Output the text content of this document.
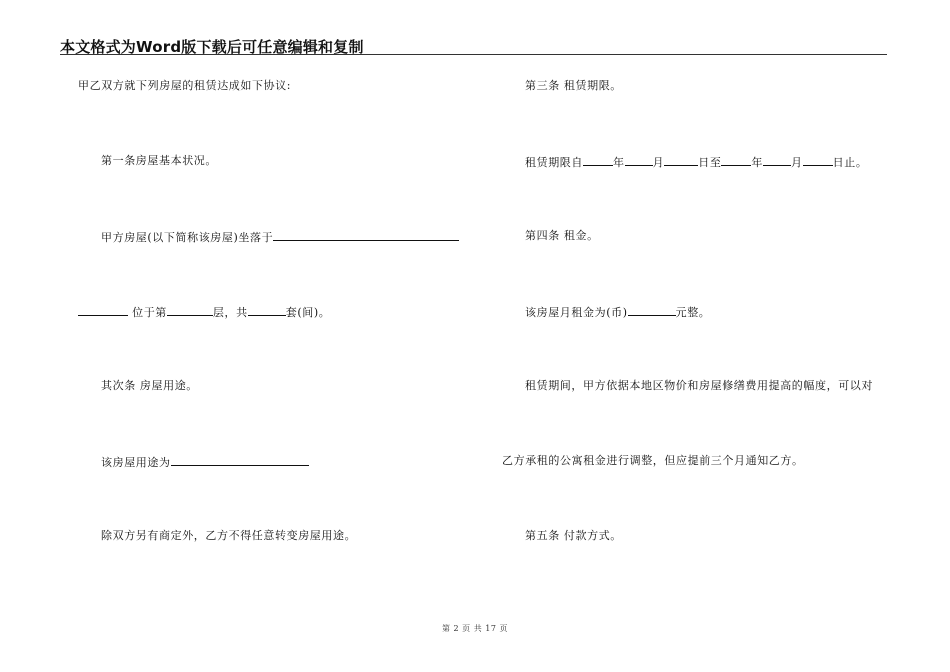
本文格式为Word版下载后可任意编辑和复制
甲乙双方就下列房屋的租赁达成如下协议:
第一条房屋基本状况。
甲方房屋(以下简称该房屋)坐落于
位于第	层，共	套(间)。
其次条 房屋用途。
该房屋用途为
除双方另有商定外，乙方不得任意转变房屋用途。
第三条 租赁期限。
租赁期限自	年	月	日至	年	月	日止。
第四条 租金。
该房屋月租金为(币)	元整。
租赁期间，甲方依据本地区物价和房屋修缮费用提高的幅度，可以对
乙方承租的公寓租金进行调整，但应提前三个月通知乙方。
第五条 付款方式。
第 2 页 共 17 页
